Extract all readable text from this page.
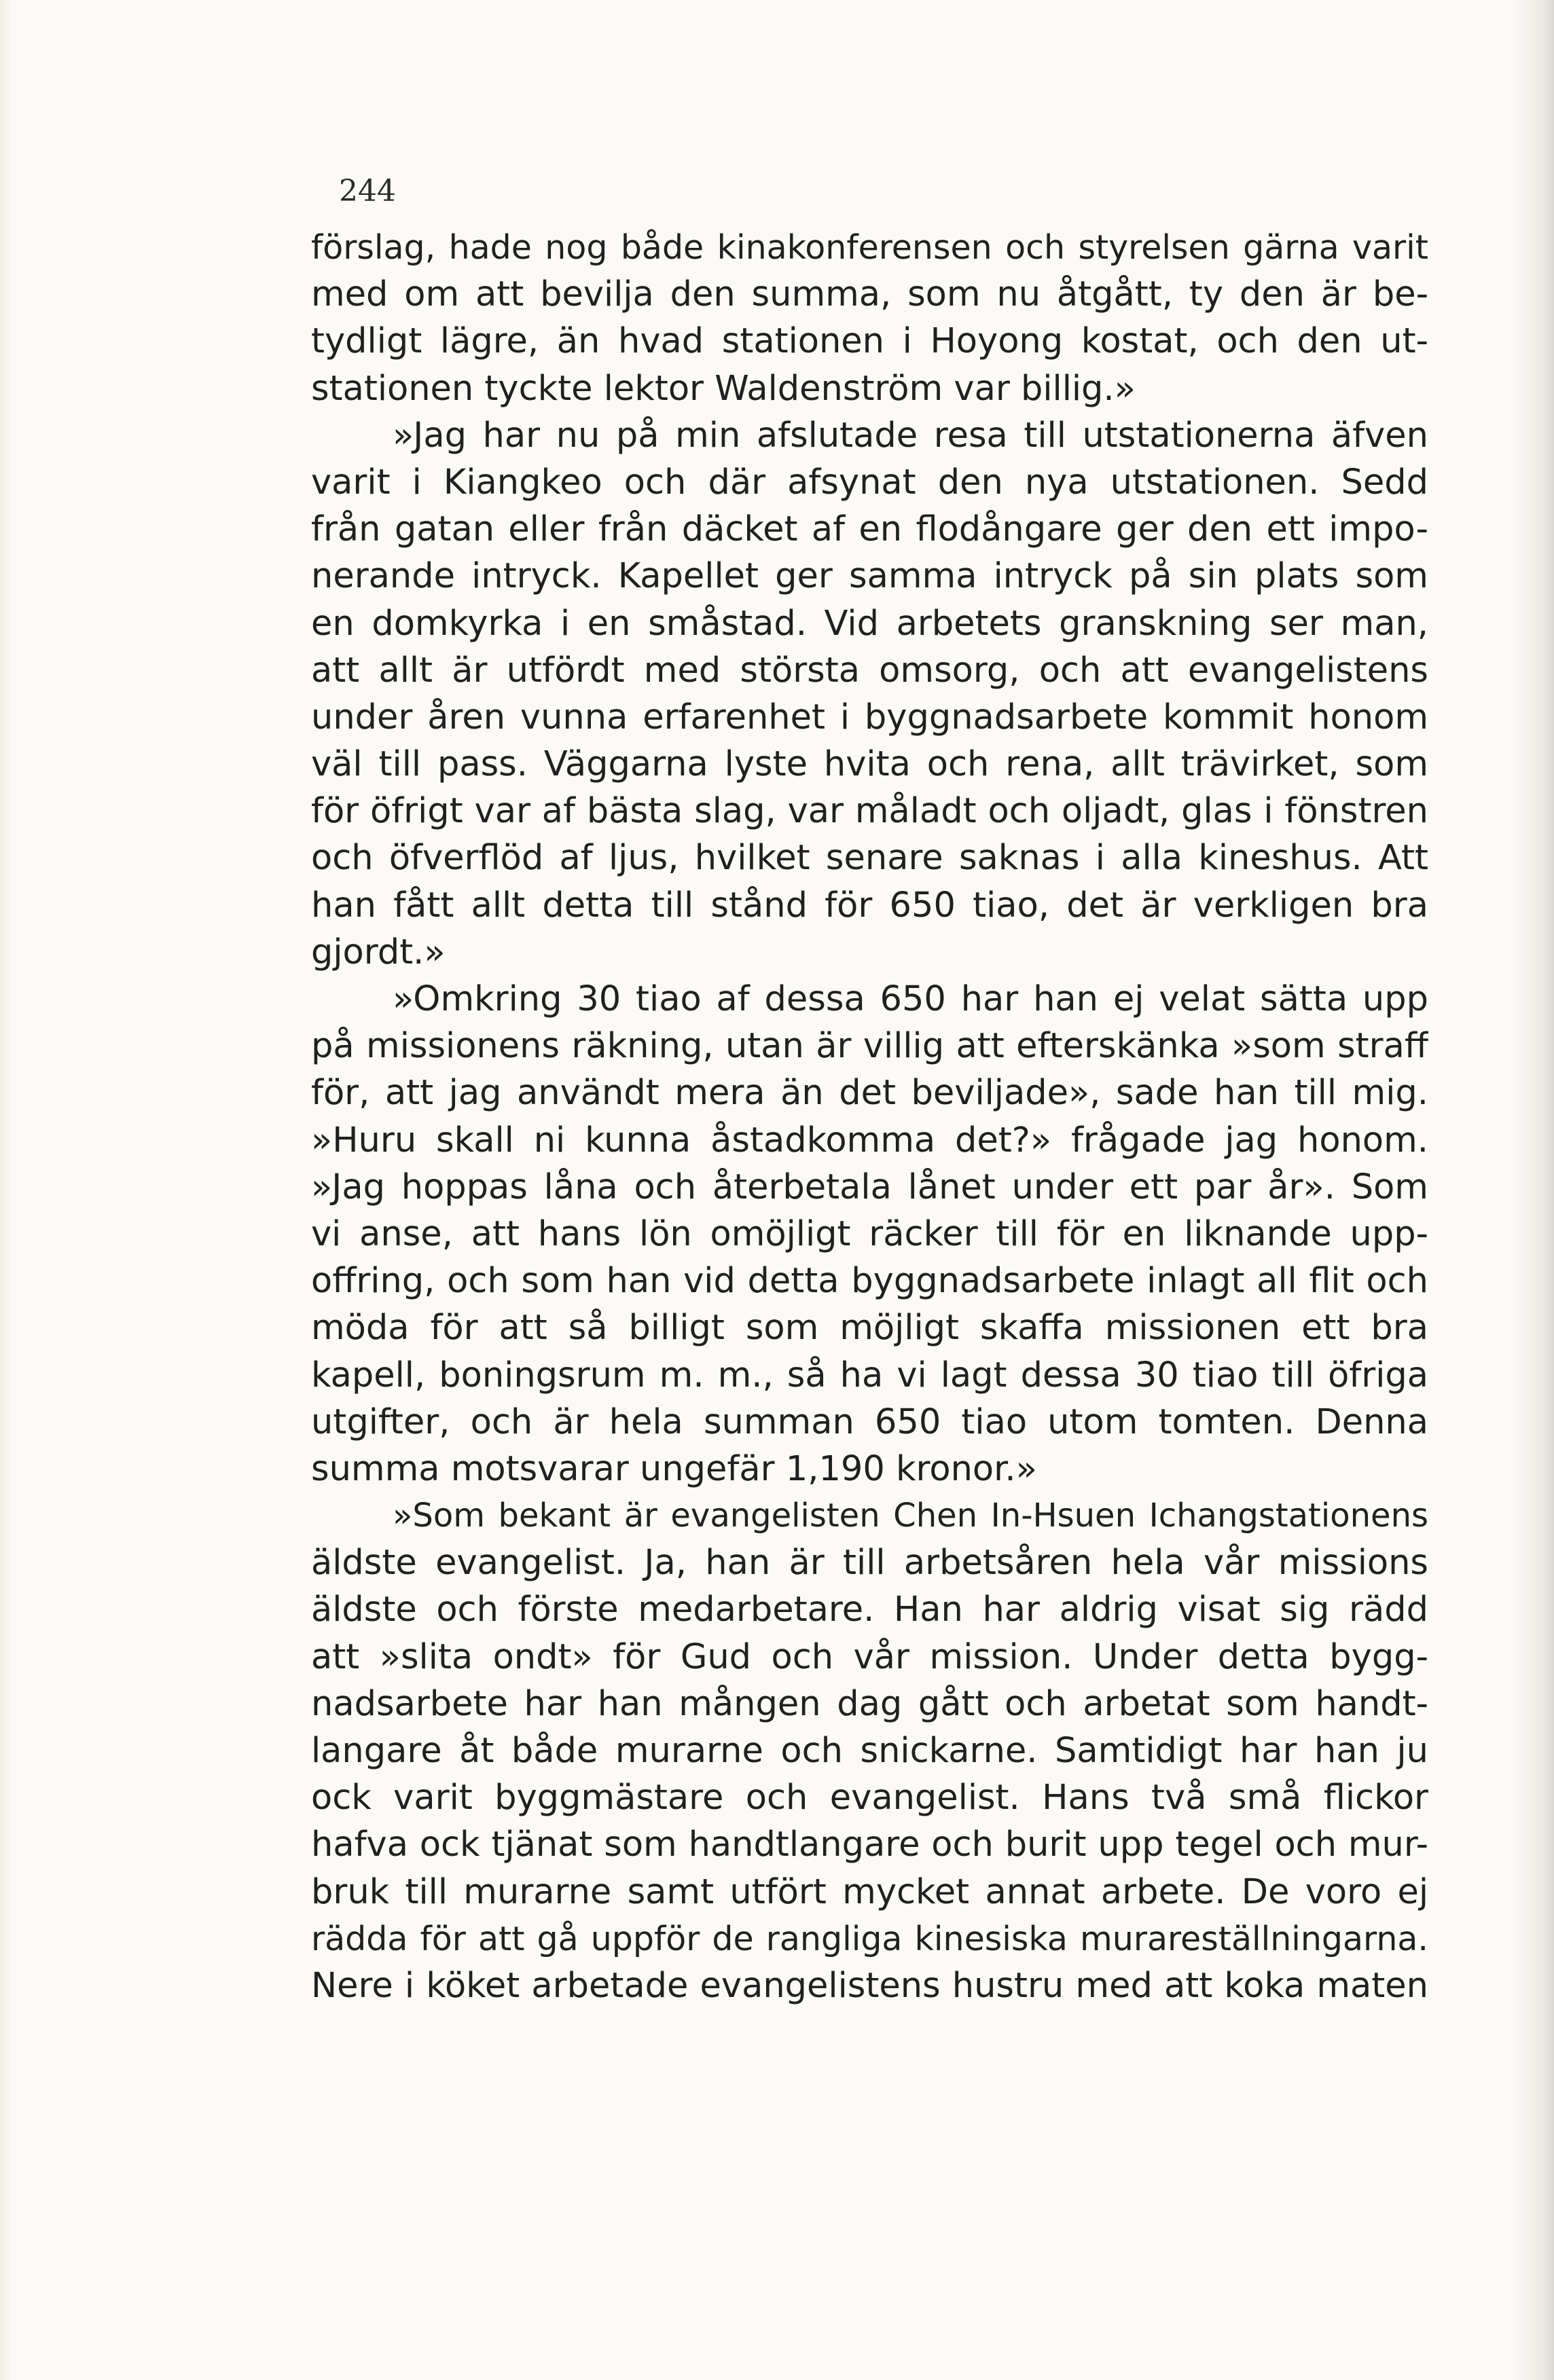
244
förslag, hade nog både kinakonferensen och styrelsen gärna varit
med om att bevilja den summa, som nu åtgått, ty den är be-
tydligt lägre, än hvad stationen i Hoyong kostat, och den ut-
stationen tyckte lektor Waldenström var billig.»
»Jag har nu på min afslutade resa till utstationerna äfven
varit i Kiangkeo och där afsynat den nya utstationen. Sedd
från gatan eller från däcket af en flodångare ger den ett impo-
nerande intryck. Kapellet ger samma intryck på sin plats som
en domkyrka i en småstad. Vid arbetets granskning ser man,
att allt är utfördt med största omsorg, och att evangelistens
under åren vunna erfarenhet i byggnadsarbete kommit honom
väl till pass. Väggarna lyste hvita och rena, allt trävirket, som
för öfrigt var af bästa slag, var måladt och oljadt, glas i fönstren
och öfverflöd af ljus, hvilket senare saknas i alla kineshus. Att
han fått allt detta till stånd för 650 tiao, det är verkligen bra
gjordt.»
»Omkring 30 tiao af dessa 650 har han ej velat sätta upp
på missionens räkning, utan är villig att efterskänka »som straff
för, att jag användt mera än det beviljade», sade han till mig.
»Huru skall ni kunna åstadkomma det?» frågade jag honom.
»Jag hoppas låna och återbetala lånet under ett par år». Som
vi anse, att hans lön omöjligt räcker till för en liknande upp-
offring, och som han vid detta byggnadsarbete inlagt all flit och
möda för att så billigt som möjligt skaffa missionen ett bra
kapell, boningsrum m. m., så ha vi lagt dessa 30 tiao till öfriga
utgifter, och är hela summan 650 tiao utom tomten. Denna
summa motsvarar ungefär 1,190 kronor.»
»Som bekant är evangelisten Chen In-Hsuen Ichangstationens
äldste evangelist. Ja, han är till arbetsåren hela vår missions
äldste och förste medarbetare. Han har aldrig visat sig rädd
att »slita ondt» för Gud och vår mission. Under detta bygg-
nadsarbete har han mången dag gått och arbetat som handt-
langare åt både murarne och snickarne. Samtidigt har han ju
ock varit byggmästare och evangelist. Hans två små flickor
hafva ock tjänat som handtlangare och burit upp tegel och mur-
bruk till murarne samt utfört mycket annat arbete. De voro ej
rädda för att gå uppför de rangliga kinesiska murareställningarna.
Nere i köket arbetade evangelistens hustru med att koka maten
